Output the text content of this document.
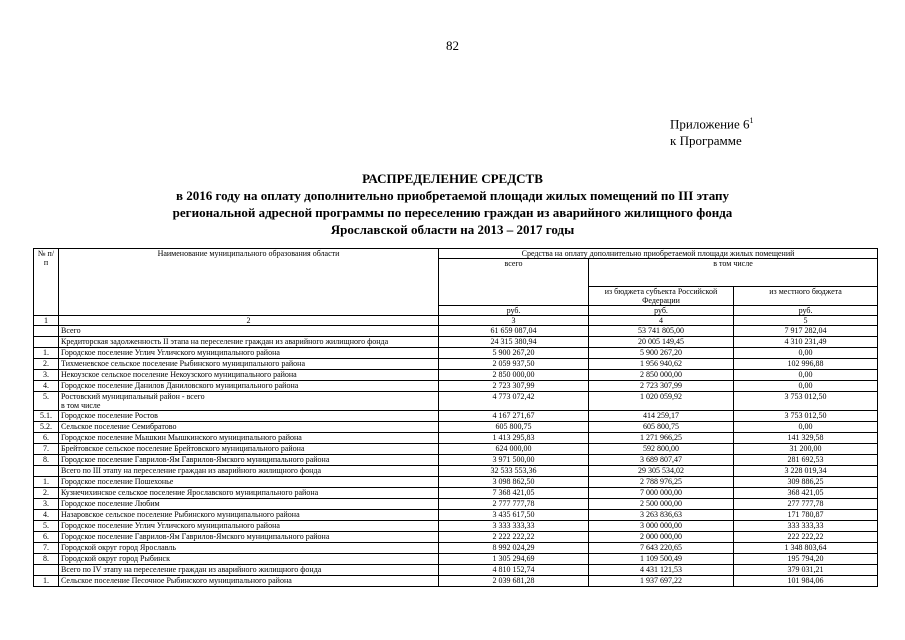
82
Приложение $6^1$
к Программе
РАСПРЕДЕЛЕНИЕ СРЕДСТВ
в 2016 году на оплату дополнительно приобретаемой площади жилых помещений по III этапу
региональной адресной программы по переселению граждан из аварийного жилищного фонда
Ярославской области на 2013 – 2017 годы
№ п/п	Наименование муниципального образования области	Средства на оплату дополнительно приобретаемой площади жилых помещений		
		всего	в том числе	
			из бюджета субъекта Российской Федерации	из местного бюджета
		руб.	руб.	руб.
1	2	3	4	5
	Всего	61 659 087,04	53 741 805,00	7 917 282,04
	Кредиторская задолженность II этапа на переселение граждан из аварийного жилищного фонда	24 315 380,94	20 005 149,45	4 310 231,49
1.	Городское поселение Углич Угличского муниципального района	5 900 267,20	5 900 267,20	0,00
2.	Тихменевское сельское поселение Рыбинского муниципального района	2 059 937,50	1 956 940,62	102 996,88
3.	Некоузское сельское поселение Некоузского муниципального района	2 850 000,00	2 850 000,00	0,00
4.	Городское поселение Данилов Даниловского муниципального района	2 723 307,99	2 723 307,99	0,00
5.	Ростовский муниципальный район - всего
в том числе	4 773 072,42	1 020 059,92	3 753 012,50
5.1.	Городское поселение Ростов	4 167 271,67	414 259,17	3 753 012,50
5.2.	Сельское поселение Семибратово	605 800,75	605 800,75	0,00
6.	Городское поселение Мышкин Мышкинского муниципального района	1 413 295,83	1 271 966,25	141 329,58
7.	Брейтовское сельское поселение Брейтовского муниципального района	624 000,00	592 800,00	31 200,00
8.	Городское поселение Гаврилов-Ям Гаврилов-Ямского муниципального района	3 971 500,00	3 689 807,47	281 692,53
	Всего по III этапу на переселение граждан из аварийного жилищного фонда	32 533 553,36	29 305 534,02	3 228 019,34
1.	Городское поселение Пошехонье	3 098 862,50	2 788 976,25	309 886,25
2.	Кузнечихинское сельское поселение Ярославского муниципального района	7 368 421,05	7 000 000,00	368 421,05
3.	Городское поселение Любим	2 777 777,78	2 500 000,00	277 777,78
4.	Назаровское сельское поселение Рыбинского муниципального района	3 435 617,50	3 263 836,63	171 780,87
5.	Городское поселение Углич Угличского муниципального района	3 333 333,33	3 000 000,00	333 333,33
6.	Городское поселение Гаврилов-Ям Гаврилов-Ямского муниципального района	2 222 222,22	2 000 000,00	222 222,22
7.	Городской округ город Ярославль	8 992 024,29	7 643 220,65	1 348 803,64
8.	Городской округ город Рыбинск	1 305 294,69	1 109 500,49	195 794,20
	Всего по IV этапу на переселение граждан из аварийного жилищного фонда	4 810 152,74	4 431 121,53	379 031,21
1.	Сельское поселение Песочное Рыбинского муниципального района	2 039 681,28	1 937 697,22	101 984,06
